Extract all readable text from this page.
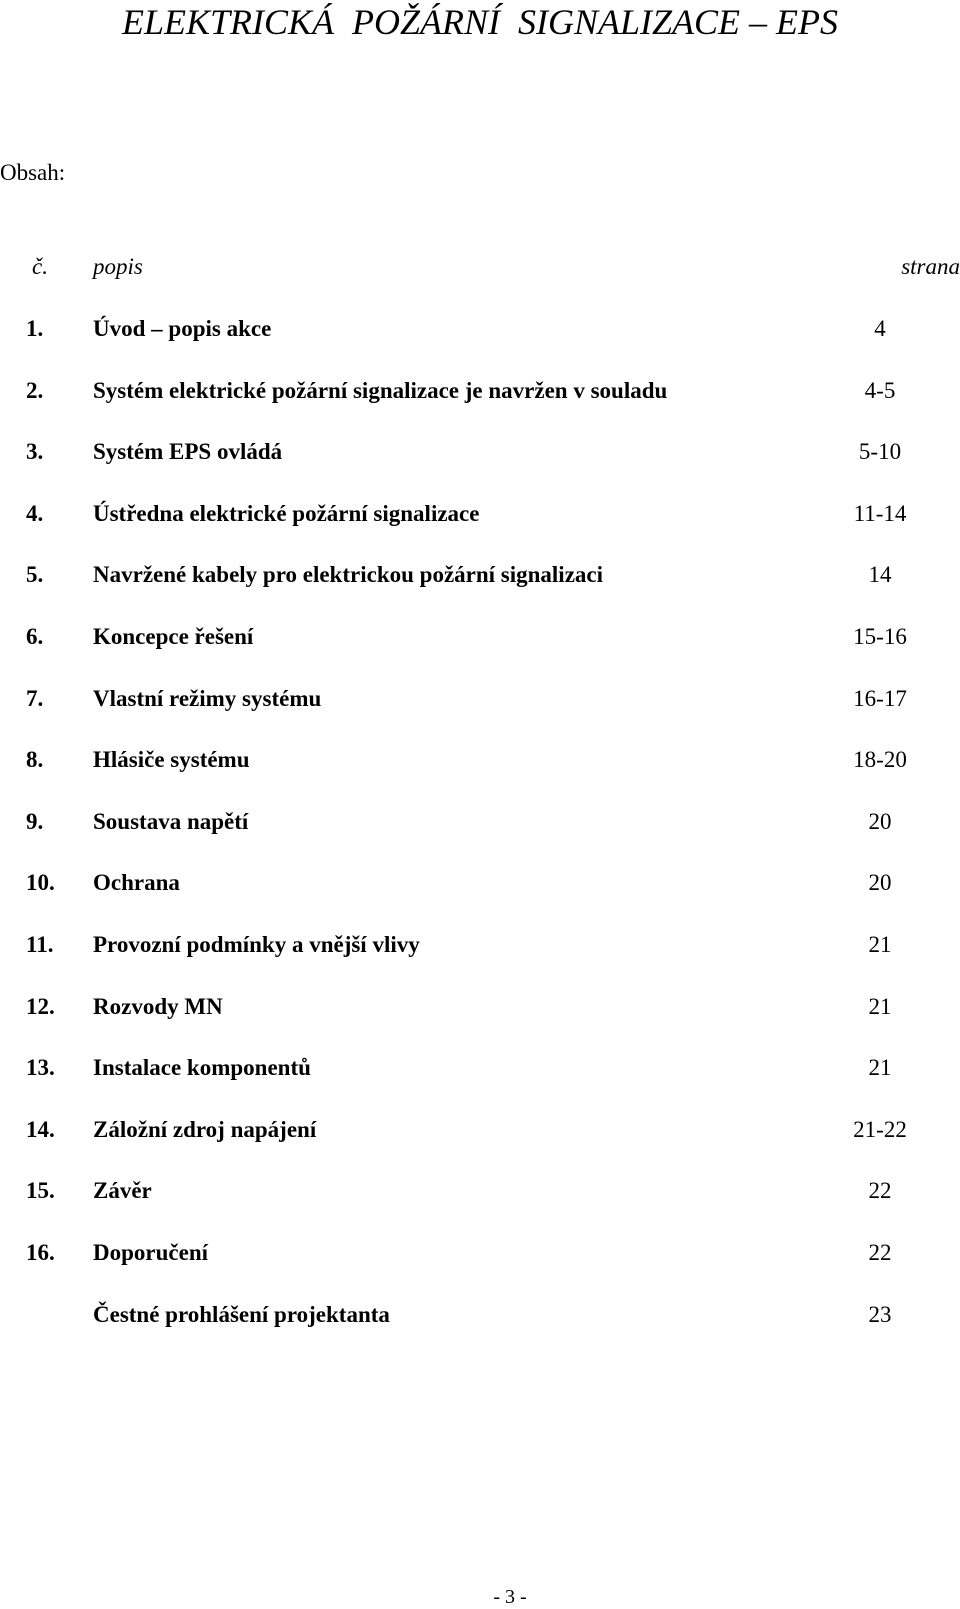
ELEKTRICKÁ  POŽÁRNÍ  SIGNALIZACE – EPS
Obsah:
č. popis	strana
1. Úvod – popis akce	4
2. Systém elektrické požární signalizace je navržen v souladu	4-5
3. Systém EPS ovládá	5-10
4. Ústředna elektrické požární signalizace	11-14
5. Navržené kabely pro elektrickou požární signalizaci	14
6. Koncepce řešení	15-16
7. Vlastní režimy systému	16-17
8. Hlásiče systému	18-20
9. Soustava napětí	20
10. Ochrana	20
11. Provozní podmínky a vnější vlivy	21
12. Rozvody MN	21
13. Instalace komponentů	21
14. Záložní zdroj napájení	21-22
15. Závěr	22
16. Doporučení	22
Čestné prohlášení projektanta	23
- 3 -
